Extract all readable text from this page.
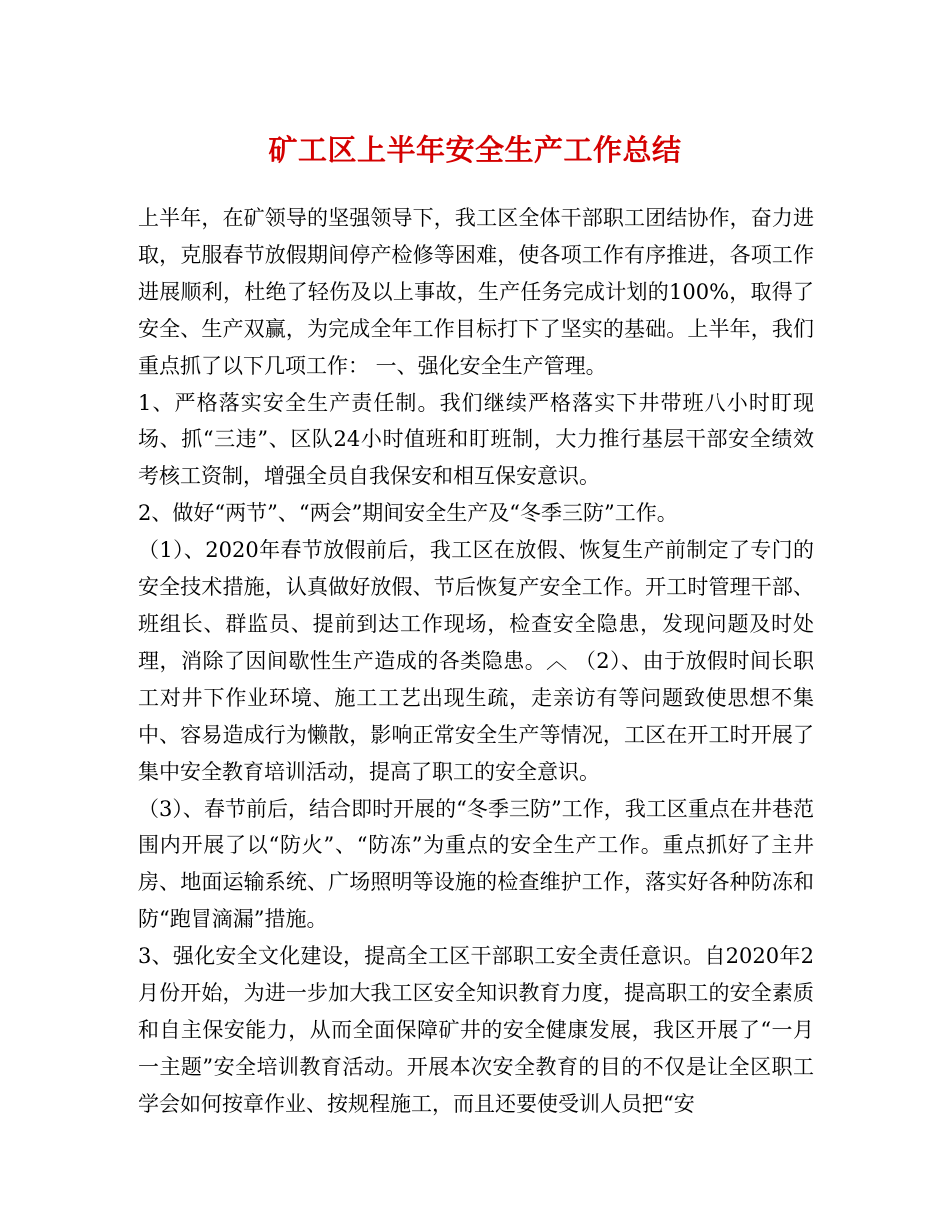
矿工区上半年安全生产工作总结

上半年，在矿领导的坚强领导下，我工区全体干部职工团结协作，奋力进取，克服春节放假期间停产检修等困难，使各项工作有序推进，各项工作进展顺利，杜绝了轻伤及以上事故，生产任务完成计划的100%，取得了安全、生产双赢，为完成全年工作目标打下了坚实的基础。上半年，我们重点抓了以下几项工作： 一、强化安全生产管理。

1、严格落实安全生产责任制。我们继续严格落实下井带班八小时盯现场、抓“三违”、区队24小时值班和盯班制，大力推行基层干部安全绩效考核工资制，增强全员自我保安和相互保安意识。

2、做好“两节”、“两会”期间安全生产及“冬季三防”工作。

（1）、2020年春节放假前后，我工区在放假、恢复生产前制定了专门的安全技术措施，认真做好放假、节后恢复产安全工作。开工时管理干部、班组长、群监员、提前到达工作现场，检查安全隐患，发现问题及时处理，消除了因间歇性生产造成的各类隐患。︿ （2）、由于放假时间长职工对井下作业环境、施工工艺出现生疏，走亲访有等问题致使思想不集中、容易造成行为懒散，影响正常安全生产等情况，工区在开工时开展了集中安全教育培训活动，提高了职工的安全意识。

（3）、春节前后，结合即时开展的“冬季三防”工作，我工区重点在井巷范围内开展了以“防火”、“防冻”为重点的安全生产工作。重点抓好了主井房、地面运输系统、广场照明等设施的检查维护工作，落实好各种防冻和防“跑冒滴漏”措施。

3、强化安全文化建设，提高全工区干部职工安全责任意识。自2020年2月份开始，为进一步加大我工区安全知识教育力度，提高职工的安全素质和自主保安能力，从而全面保障矿井的安全健康发展，我区开展了“一月一主题”安全培训教育活动。开展本次安全教育的目的不仅是让全区职工学会如何按章作业、按规程施工，而且还要使受训人员把“安
